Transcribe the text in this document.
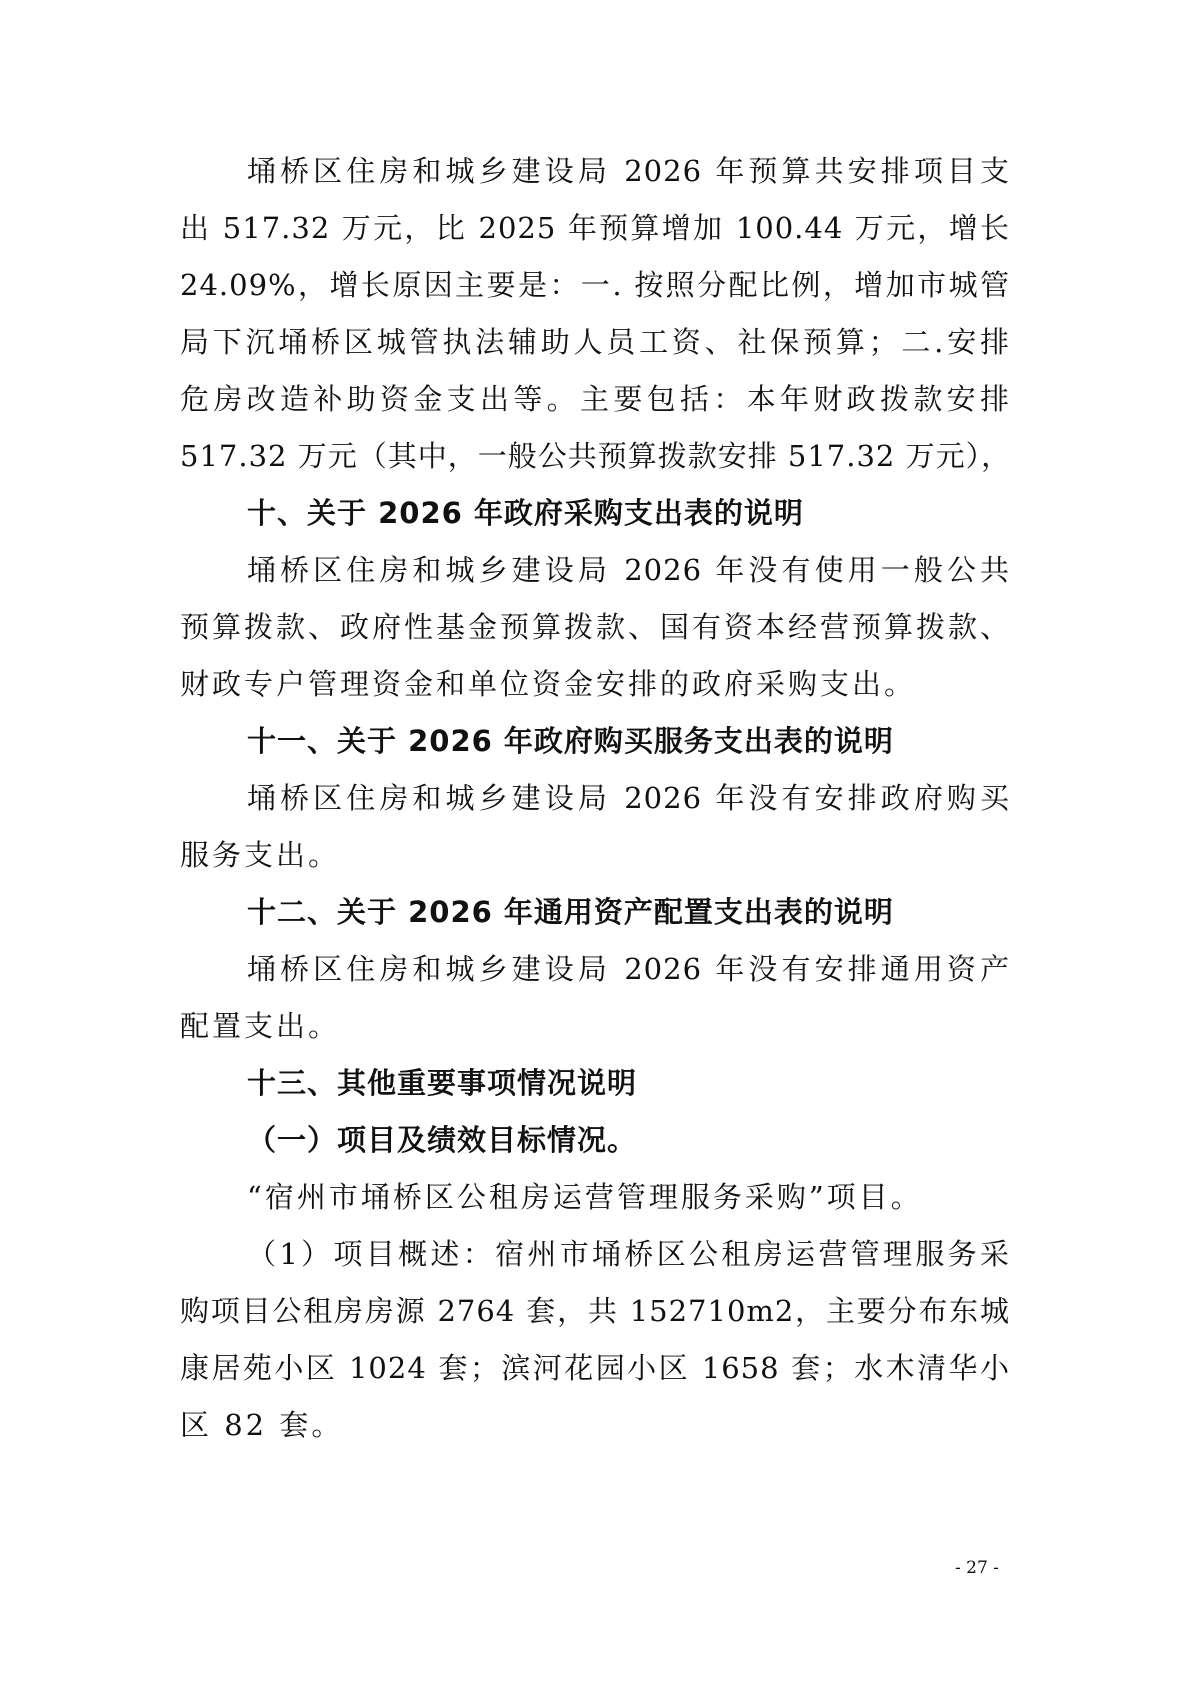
埇桥区住房和城乡建设局 2026 年预算共安排项目支
出 517.32 万元，比 2025 年预算增加 100.44 万元，增长
24.09%，增长原因主要是：一. 按照分配比例，增加市城管
局下沉埇桥区城管执法辅助人员工资、社保预算；二.安排
危房改造补助资金支出等。主要包括：本年财政拨款安排
517.32 万元（其中，一般公共预算拨款安排 517.32 万元），
十、关于 2026 年政府采购支出表的说明
埇桥区住房和城乡建设局 2026 年没有使用一般公共
预算拨款、政府性基金预算拨款、国有资本经营预算拨款、
财政专户管理资金和单位资金安排的政府采购支出。
十一、关于 2026 年政府购买服务支出表的说明
埇桥区住房和城乡建设局 2026 年没有安排政府购买
服务支出。
十二、关于 2026 年通用资产配置支出表的说明
埇桥区住房和城乡建设局 2026 年没有安排通用资产
配置支出。
十三、其他重要事项情况说明
（一）项目及绩效目标情况。
“宿州市埇桥区公租房运营管理服务采购”项目。
（1）项目概述：宿州市埇桥区公租房运营管理服务采
购项目公租房房源 2764 套，共 152710m2，主要分布东城
康居苑小区 1024 套；滨河花园小区 1658 套；水木清华小
区 82 套。
- 27 -
